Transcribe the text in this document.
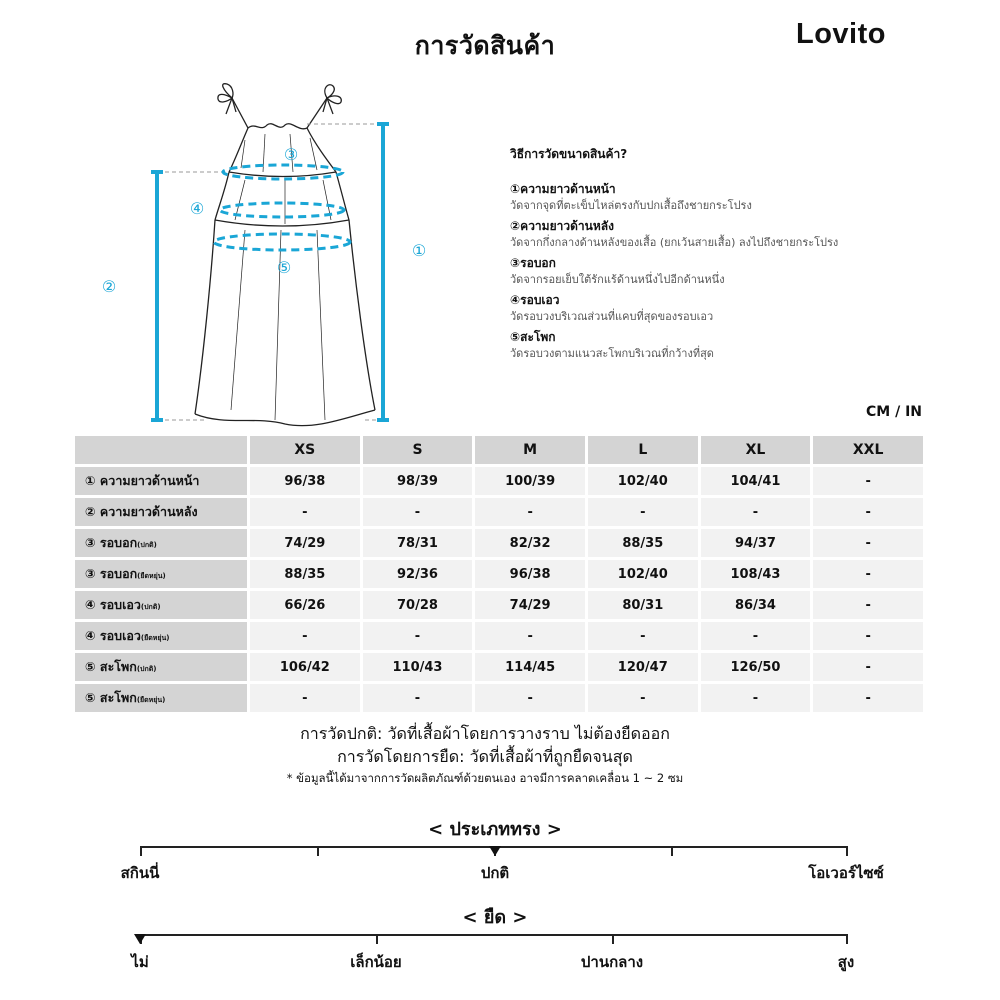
การวัดสินค้า	Lovito
①
②
③
④
⑤
วิธีการวัดขนาดสินค้า?
①ความยาวด้านหน้า
วัดจากจุดที่ตะเข็บไหล่ตรงกับปกเสื้อถึงชายกระโปรง
②ความยาวด้านหลัง
วัดจากกึ่งกลางด้านหลังของเสื้อ (ยกเว้นสายเสื้อ) ลงไปถึงชายกระโปรง
③รอบอก
วัดจากรอยเย็บใต้รักแร้ด้านหนึ่งไปอีกด้านหนึ่ง
④รอบเอว
วัดรอบวงบริเวณส่วนที่แคบที่สุดของรอบเอว
⑤สะโพก
วัดรอบวงตามแนวสะโพกบริเวณที่กว้างที่สุด
CM / IN
	XS	S	M	L	XL	XXL
① ความยาวด้านหน้า	96/38	98/39	100/39	102/40	104/41	-
② ความยาวด้านหลัง	-	-	-	-	-	-
③ รอบอก(ปกติ)	74/29	78/31	82/32	88/35	94/37	-
③ รอบอก(ยืดหยุ่น)	88/35	92/36	96/38	102/40	108/43	-
④ รอบเอว(ปกติ)	66/26	70/28	74/29	80/31	86/34	-
④ รอบเอว(ยืดหยุ่น)	-	-	-	-	-	-
⑤ สะโพก(ปกติ)	106/42	110/43	114/45	120/47	126/50	-
⑤ สะโพก(ยืดหยุ่น)	-	-	-	-	-	-
การวัดปกติ: วัดที่เสื้อผ้าโดยการวางราบ ไม่ต้องยืดออก
การวัดโดยการยืด: วัดที่เสื้อผ้าที่ถูกยืดจนสุด
* ข้อมูลนี้ได้มาจากการวัดผลิตภัณฑ์ด้วยตนเอง อาจมีการคลาดเคลื่อน 1 ~ 2 ซม
< ประเภททรง >
สกินนี่	ปกติ	โอเวอร์ไซซ์
< ยืด >
ไม่	เล็กน้อย	ปานกลาง	สูง
